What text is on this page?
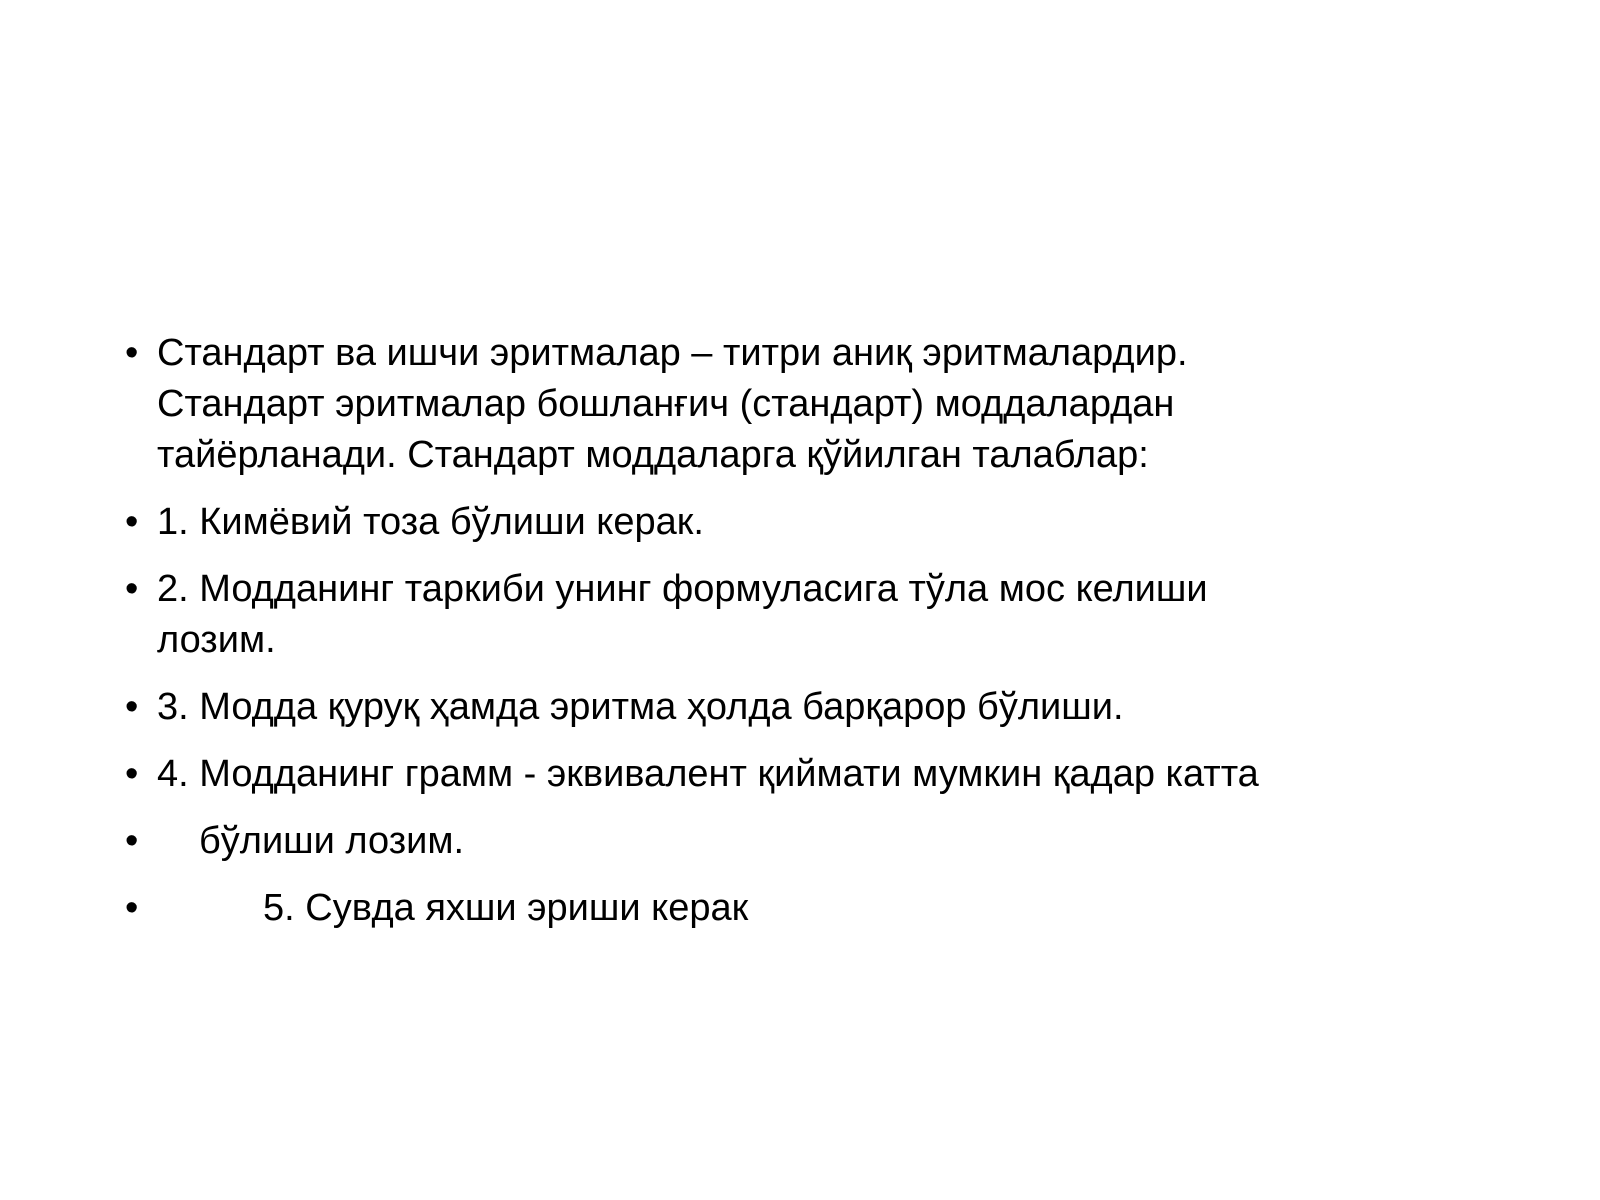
• Стандарт ва ишчи эритмалар – титри аниқ эритмалардир.
Стандарт эритмалар бошланғич (стандарт) моддалардан
тайёрланади. Стандарт моддаларга қўйилган талаблар:
• 1. Кимёвий тоза бўлиши керак.
• 2. Модданинг таркиби унинг формуласига тўла мос келиши
лозим.
• 3. Модда қуруқ ҳамда эритма ҳолда барқарор бўлиши.
• 4. Модданинг грамм - эквивалент қиймати мумкин қадар катта
• бўлиши лозим.
•	5. Сувда яхши эриши керак
